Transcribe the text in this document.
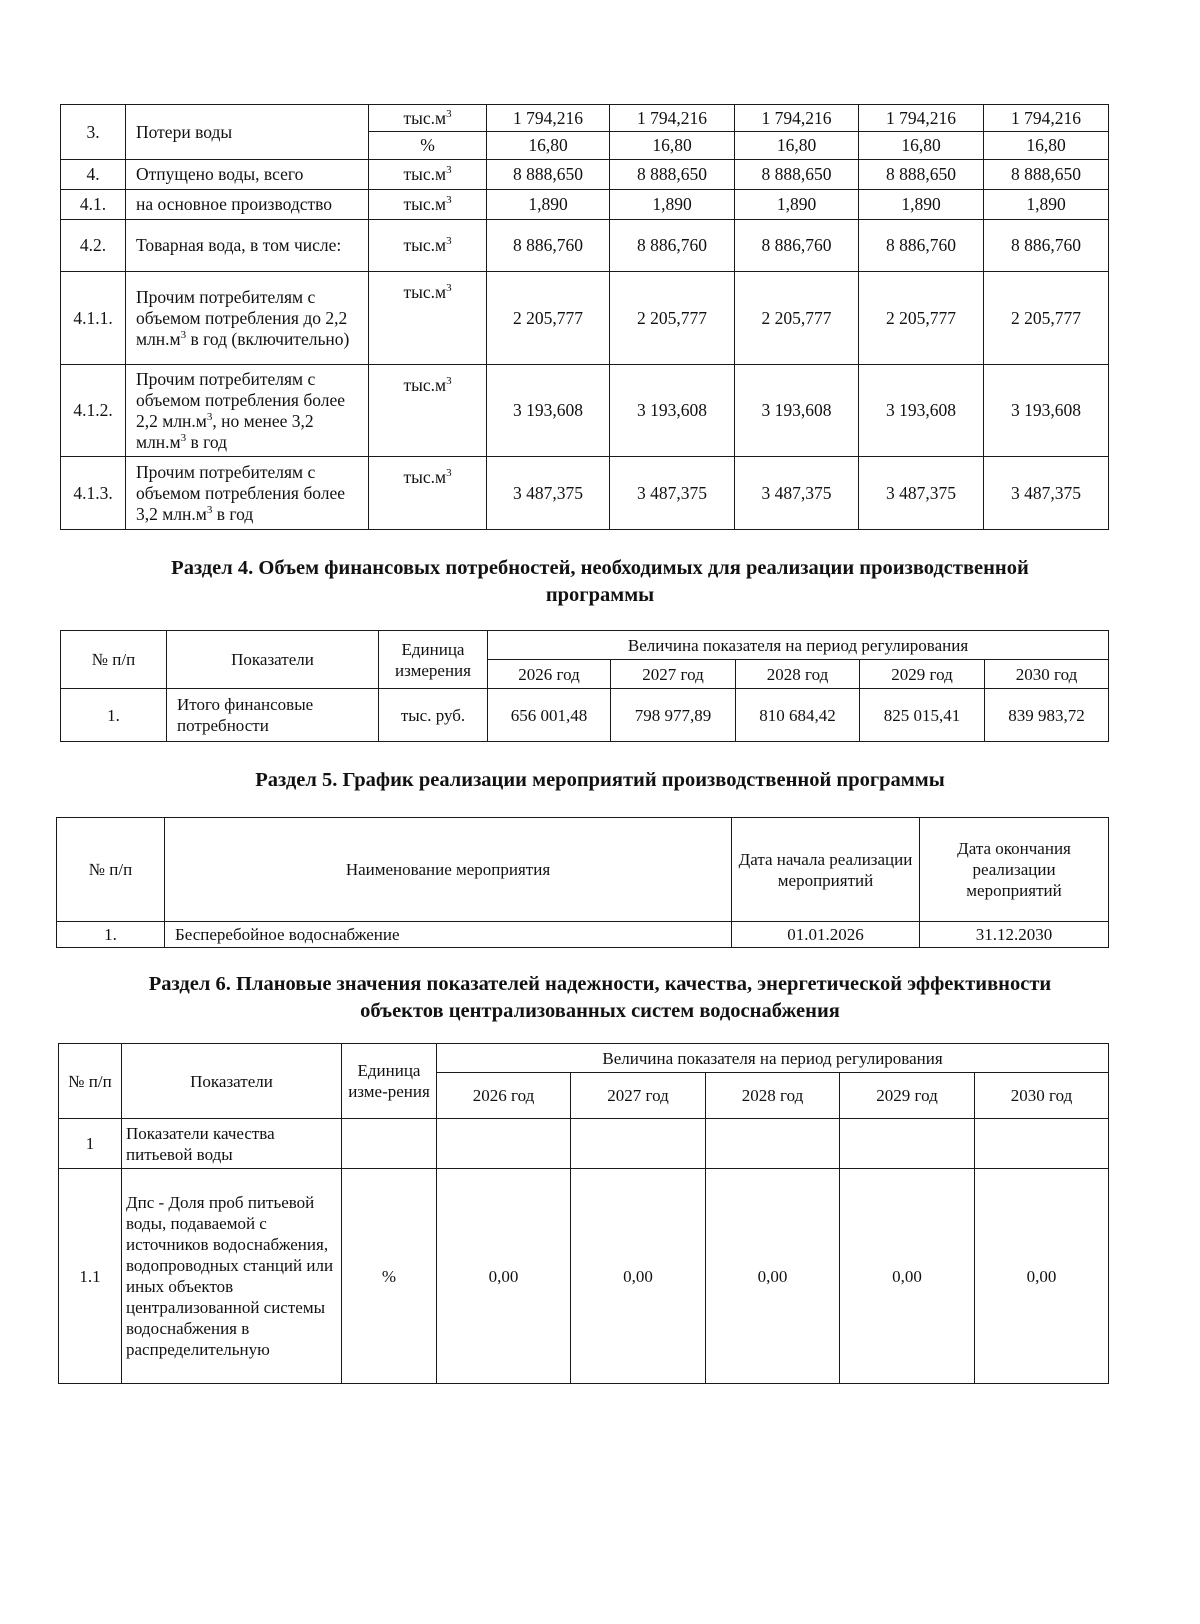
3.	Потери воды	$тыс.м^3$	1 794,216	1 794,216	1 794,216	1 794,216	1 794,216
		%	16,80	16,80	16,80	16,80	16,80
4.	Отпущено воды, всего	$тыс.м^3$	8 888,650	8 888,650	8 888,650	8 888,650	8 888,650
4.1.	на основное производство	$тыс.м^3$	1,890	1,890	1,890	1,890	1,890
4.2.	Товарная вода, в том числе:	$тыс.м^3$	8 886,760	8 886,760	8 886,760	8 886,760	8 886,760
4.1.1.	Прочим потребителям с объемом потребления до 2,2 $млн.м^3$ в год (включительно)	$тыс.м^3$	2 205,777	2 205,777	2 205,777	2 205,777	2 205,777
4.1.2.	Прочим потребителям с объемом потребления более 2,2 $млн.м^3$, но менее 3,2 $млн.м^3$ в год	$тыс.м^3$	3 193,608	3 193,608	3 193,608	3 193,608	3 193,608
4.1.3.	Прочим потребителям с объемом потребления более 3,2 $млн.м^3$ в год	$тыс.м^3$	3 487,375	3 487,375	3 487,375	3 487,375	3 487,375
Раздел 4. Объем финансовых потребностей, необходимых для реализации производственной
программы
№ п/п	Показатели	Единица измерения	Величина показателя на период регулирования				
			2026 год	2027 год	2028 год	2029 год	2030 год
1.	Итого финансовые потребности	тыс. руб.	656 001,48	798 977,89	810 684,42	825 015,41	839 983,72
Раздел 5. График реализации мероприятий производственной программы
№ п/п	Наименование мероприятия	Дата начала реализации мероприятий	Дата окончания реализации мероприятий
1.	Бесперебойное водоснабжение	01.01.2026	31.12.2030
Раздел 6. Плановые значения показателей надежности, качества, энергетической эффективности
объектов централизованных систем водоснабжения
№ п/п	Показатели	Единица изме-рения	Величина показателя на период регулирования				
			2026 год	2027 год	2028 год	2029 год	2030 год
1	Показатели качества питьевой воды						
1.1	Дпс - Доля проб питьевой воды, подаваемой с источников водоснабжения, водопроводных станций или иных объектов централизованной системы водоснабжения в распределительную	%	0,00	0,00	0,00	0,00	0,00
